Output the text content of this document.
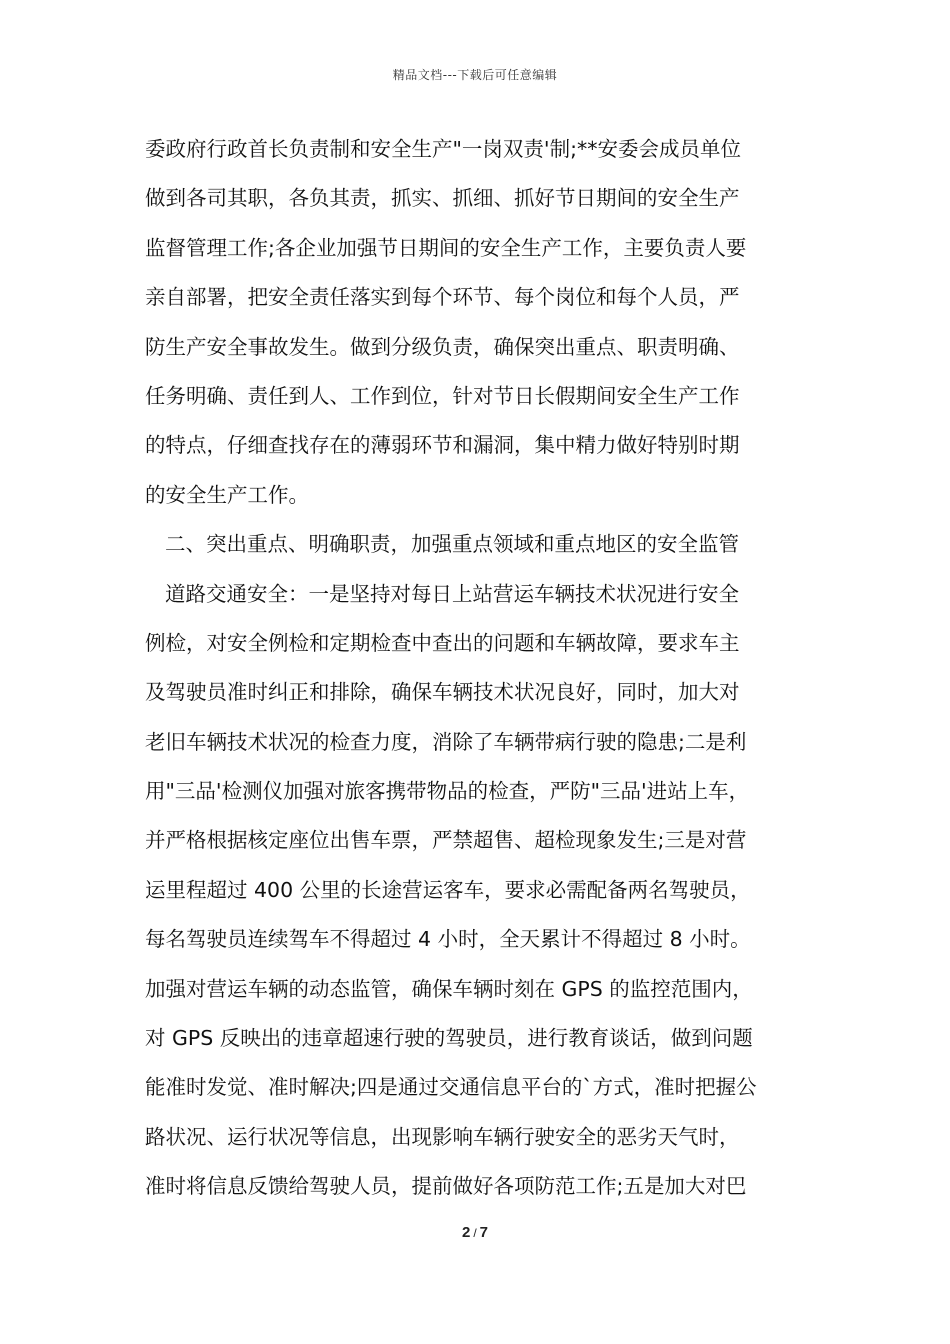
精品文档---下载后可任意编辑
委政府行政首长负责制和安全生产"一岗双责'制;**安委会成员单位
做到各司其职，各负其责，抓实、抓细、抓好节日期间的安全生产
监督管理工作;各企业加强节日期间的安全生产工作，主要负责人要
亲自部署，把安全责任落实到每个环节、每个岗位和每个人员，严
防生产安全事故发生。做到分级负责，确保突出重点、职责明确、
任务明确、责任到人、工作到位，针对节日长假期间安全生产工作
的特点，仔细查找存在的薄弱环节和漏洞，集中精力做好特别时期
的安全生产工作。
二、突出重点、明确职责，加强重点领域和重点地区的安全监管
道路交通安全：一是坚持对每日上站营运车辆技术状况进行安全
例检，对安全例检和定期检查中查出的问题和车辆故障，要求车主
及驾驶员准时纠正和排除，确保车辆技术状况良好，同时，加大对
老旧车辆技术状况的检查力度，消除了车辆带病行驶的隐患;二是利
用"三品'检测仪加强对旅客携带物品的检查，严防"三品'进站上车，
并严格根据核定座位出售车票，严禁超售、超检现象发生;三是对营
运里程超过 400 公里的长途营运客车，要求必需配备两名驾驶员，
每名驾驶员连续驾车不得超过 4 小时，全天累计不得超过 8 小时。
加强对营运车辆的动态监管，确保车辆时刻在 GPS 的监控范围内，
对 GPS 反映出的违章超速行驶的驾驶员，进行教育谈话，做到问题
能准时发觉、准时解决;四是通过交通信息平台的`方式，准时把握公
路状况、运行状况等信息，出现影响车辆行驶安全的恶劣天气时，
准时将信息反馈给驾驶人员，提前做好各项防范工作;五是加大对巴
2 / 7
